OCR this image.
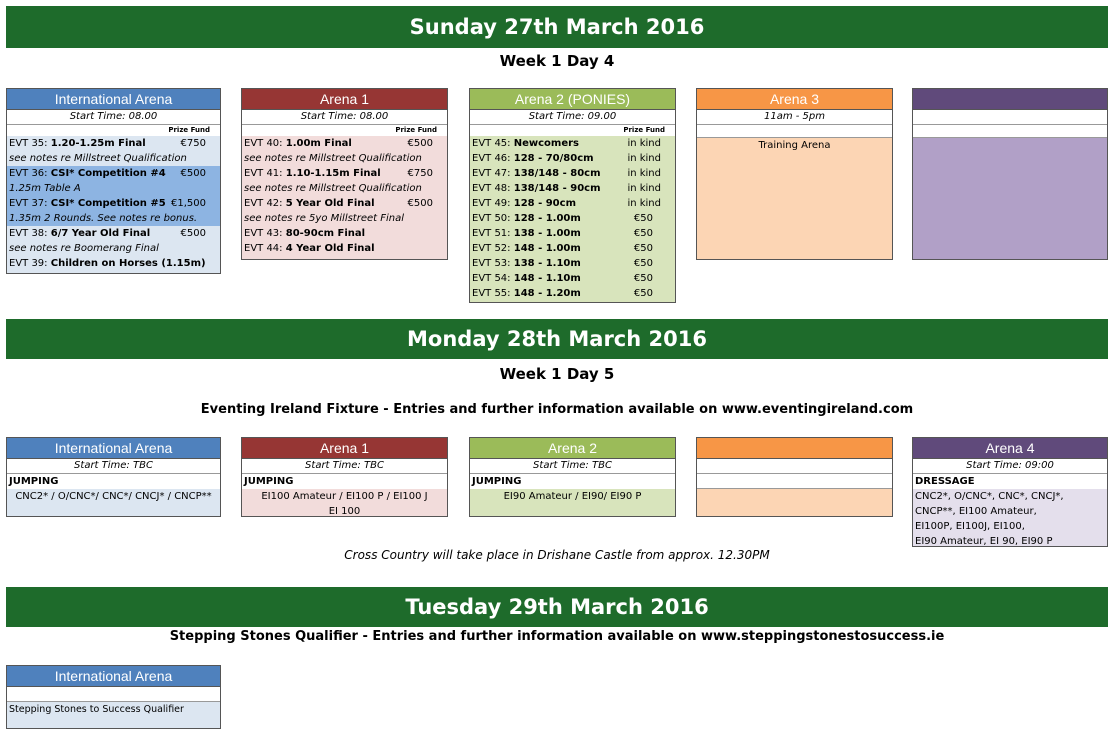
Sunday 27th March 2016
Week 1 Day 4
International Arena
Start Time: 08.00
Prize Fund
EVT 35: 1.20-1.25m Final	€750
see notes re Millstreet Qualification
EVT 36: CSI* Competition #4 €500
1.25m Table A
EVT 37: CSI* Competition #5 €1,500
1.35m 2 Rounds. See notes re bonus.
EVT 38: 6/7 Year Old Final	€500
see notes re Boomerang Final
EVT 39: Children on Horses (1.15m)
Arena 1
Start Time: 08.00
Prize Fund
EVT 40: 1.00m Final	€500
see notes re Millstreet Qualification
EVT 41: 1.10-1.15m Final	€750
see notes re Millstreet Qualification
EVT 42: 5 Year Old Final	€500
see notes re 5yo Millstreet Final
EVT 43: 80-90cm Final
EVT 44: 4 Year Old Final
Arena 2 (PONIES)
Start Time: 09.00
Prize Fund
EVT 45: Newcomers	in kind
EVT 46: 128 - 70/80cm	in kind
EVT 47: 138/148 - 80cm	in kind
EVT 48: 138/148 - 90cm	in kind
EVT 49: 128 - 90cm	in kind
EVT 50: 128 - 1.00m	€50
EVT 51: 138 - 1.00m	€50
EVT 52: 148 - 1.00m	€50
EVT 53: 138 - 1.10m	€50
EVT 54: 148 - 1.10m	€50
EVT 55: 148 - 1.20m	€50
Arena 3
11am - 5pm
Training Arena
Monday 28th March 2016
Week 1 Day 5
Eventing Ireland Fixture - Entries and further information available on www.eventingireland.com
International Arena
Start Time: TBC
JUMPING
CNC2* / O/CNC*/ CNC*/ CNCJ* / CNCP**
Arena 1
Start Time: TBC
JUMPING
EI100 Amateur / EI100 P / EI100 J
EI 100
Arena 2
Start Time: TBC
JUMPING
EI90 Amateur / EI90/ EI90 P
Arena 4
Start Time: 09:00
DRESSAGE
CNC2*, O/CNC*, CNC*, CNCJ*,
CNCP**, EI100 Amateur,
EI100P, EI100J, EI100,
EI90 Amateur, EI 90, EI90 P
Cross Country will take place in Drishane Castle from approx. 12.30PM
Tuesday 29th March 2016
Stepping Stones Qualifier - Entries and further information available on www.steppingstonestosuccess.ie
International Arena
Stepping Stones to Success Qualifier
